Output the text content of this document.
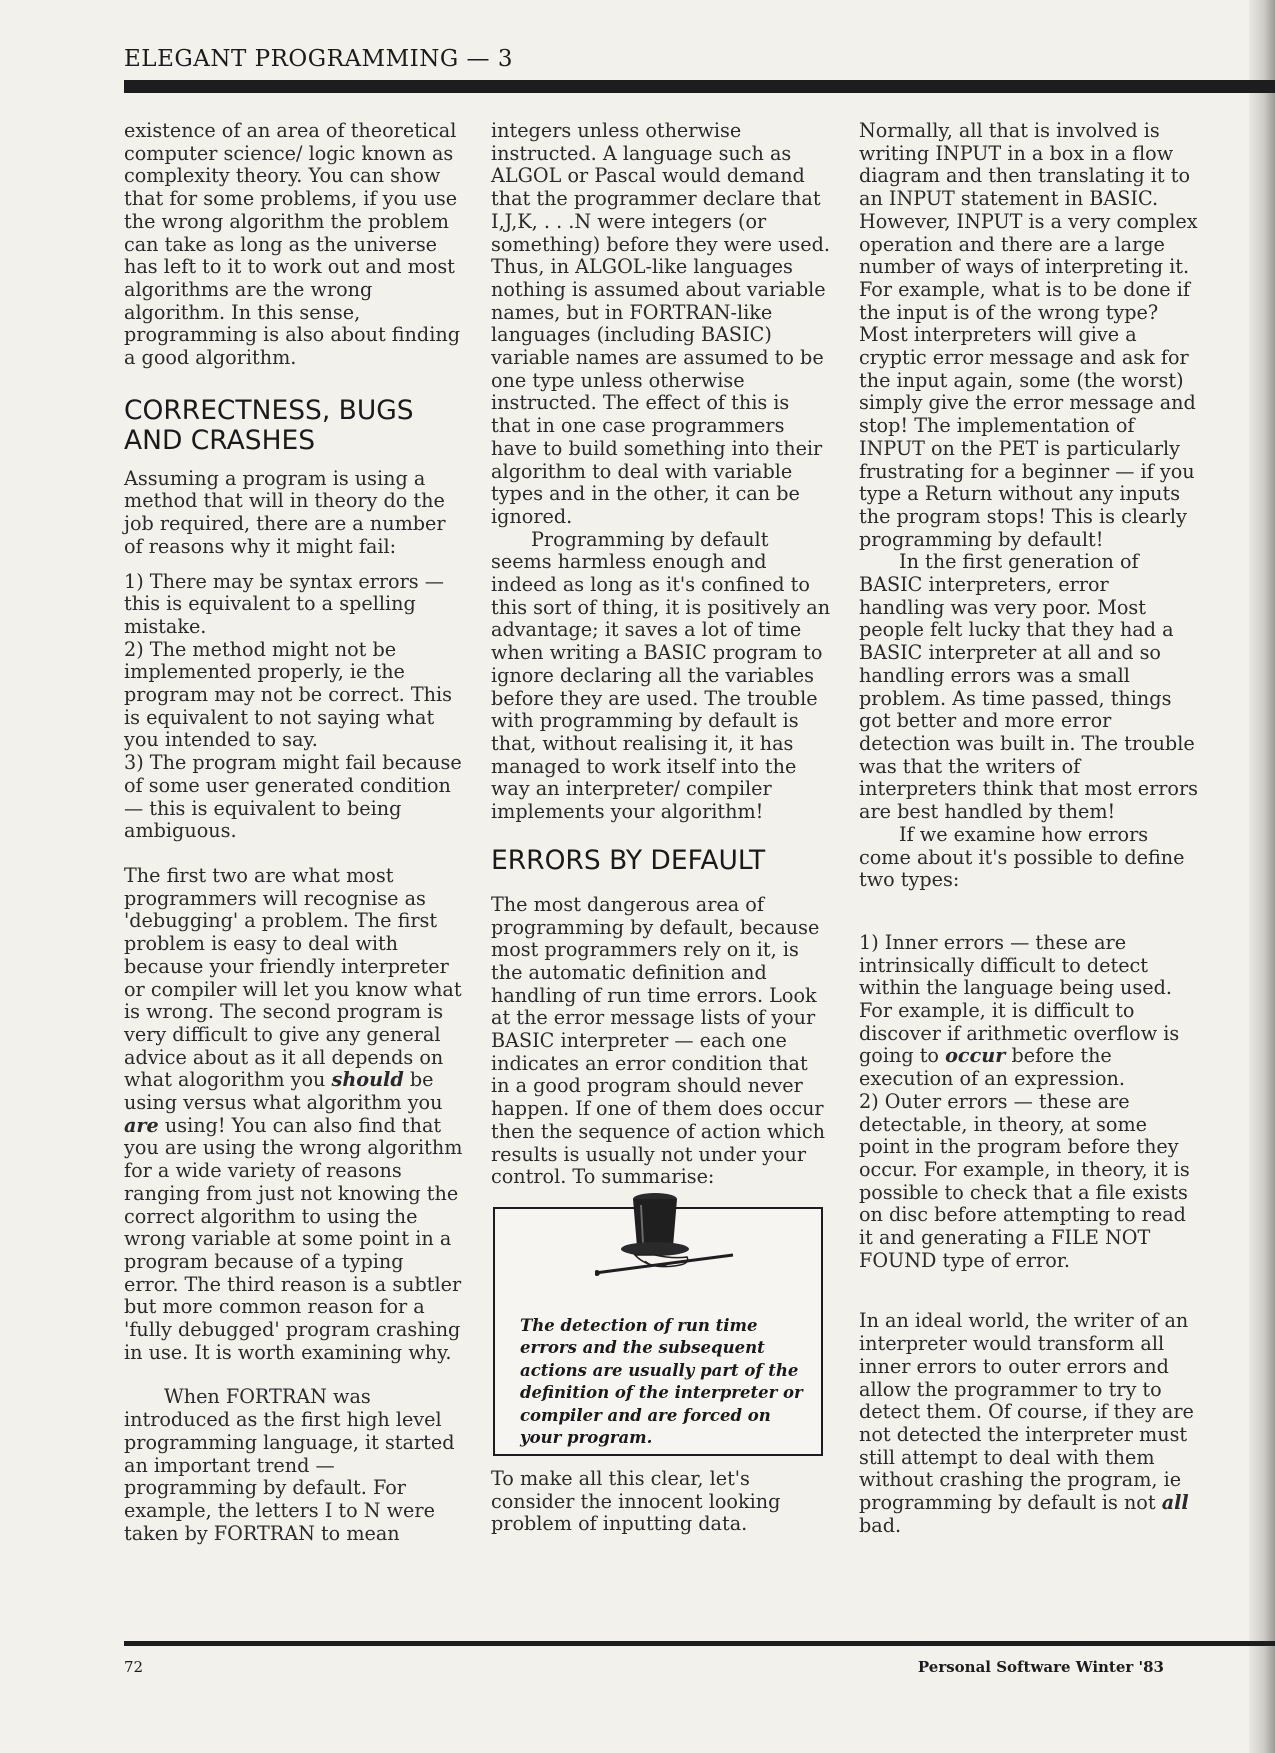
ELEGANT PROGRAMMING — 3

existence of an area of theoretical computer science/ logic known as complexity theory. You can show that for some problems, if you use the wrong algorithm the problem can take as long as the universe has left to it to work out and most algorithms are the wrong algorithm. In this sense, programming is also about finding a good algorithm.

CORRECTNESS, BUGS AND CRASHES

Assuming a program is using a method that will in theory do the job required, there are a number of reasons why it might fail:

1) There may be syntax errors — this is equivalent to a spelling mistake.
2) The method might not be implemented properly, ie the program may not be correct. This is equivalent to not saying what you intended to say.
3) The program might fail because of some user generated condition — this is equivalent to being ambiguous.

The first two are what most programmers will recognise as 'debugging' a problem. The first problem is easy to deal with because your friendly interpreter or compiler will let you know what is wrong. The second program is very difficult to give any general advice about as it all depends on what alogorithm you should be using versus what algorithm you are using! You can also find that you are using the wrong algorithm for a wide variety of reasons ranging from just not knowing the correct algorithm to using the wrong variable at some point in a program because of a typing error. The third reason is a subtler but more common reason for a 'fully debugged' program crashing in use. It is worth examining why.

When FORTRAN was introduced as the first high level programming language, it started an important trend — programming by default. For example, the letters I to N were taken by FORTRAN to mean

integers unless otherwise instructed. A language such as ALGOL or Pascal would demand that the programmer declare that I,J,K, . . .N were integers (or something) before they were used. Thus, in ALGOL-like languages nothing is assumed about variable names, but in FORTRAN-like languages (including BASIC) variable names are assumed to be one type unless otherwise instructed. The effect of this is that in one case programmers have to build something into their algorithm to deal with variable types and in the other, it can be ignored.

Programming by default seems harmless enough and indeed as long as it's confined to this sort of thing, it is positively an advantage; it saves a lot of time when writing a BASIC program to ignore declaring all the variables before they are used. The trouble with programming by default is that, without realising it, it has managed to work itself into the way an interpreter/ compiler implements your algorithm!

ERRORS BY DEFAULT

The most dangerous area of programming by default, because most programmers rely on it, is the automatic definition and handling of run time errors. Look at the error message lists of your BASIC interpreter — each one indicates an error condition that in a good program should never happen. If one of them does occur then the sequence of action which results is usually not under your control. To summarise:

The detection of run time errors and the subsequent actions are usually part of the definition of the interpreter or compiler and are forced on your program.

To make all this clear, let's consider the innocent looking problem of inputting data.

Normally, all that is involved is writing INPUT in a box in a flow diagram and then translating it to an INPUT statement in BASIC. However, INPUT is a very complex operation and there are a large number of ways of interpreting it. For example, what is to be done if the input is of the wrong type? Most interpreters will give a cryptic error message and ask for the input again, some (the worst) simply give the error message and stop! The implementation of INPUT on the PET is particularly frustrating for a beginner — if you type a Return without any inputs the program stops! This is clearly programming by default!

In the first generation of BASIC interpreters, error handling was very poor. Most people felt lucky that they had a BASIC interpreter at all and so handling errors was a small problem. As time passed, things got better and more error detection was built in. The trouble was that the writers of interpreters think that most errors are best handled by them!

If we examine how errors come about it's possible to define two types:

1) Inner errors — these are intrinsically difficult to detect within the language being used. For example, it is difficult to discover if arithmetic overflow is going to occur before the execution of an expression.

2) Outer errors — these are detectable, in theory, at some point in the program before they occur. For example, in theory, it is possible to check that a file exists on disc before attempting to read it and generating a FILE NOT FOUND type of error.

In an ideal world, the writer of an interpreter would transform all inner errors to outer errors and allow the programmer to try to detect them. Of course, if they are not detected the interpreter must still attempt to deal with them without crashing the program, ie programming by default is not all bad.

72	Personal Software Winter '83
